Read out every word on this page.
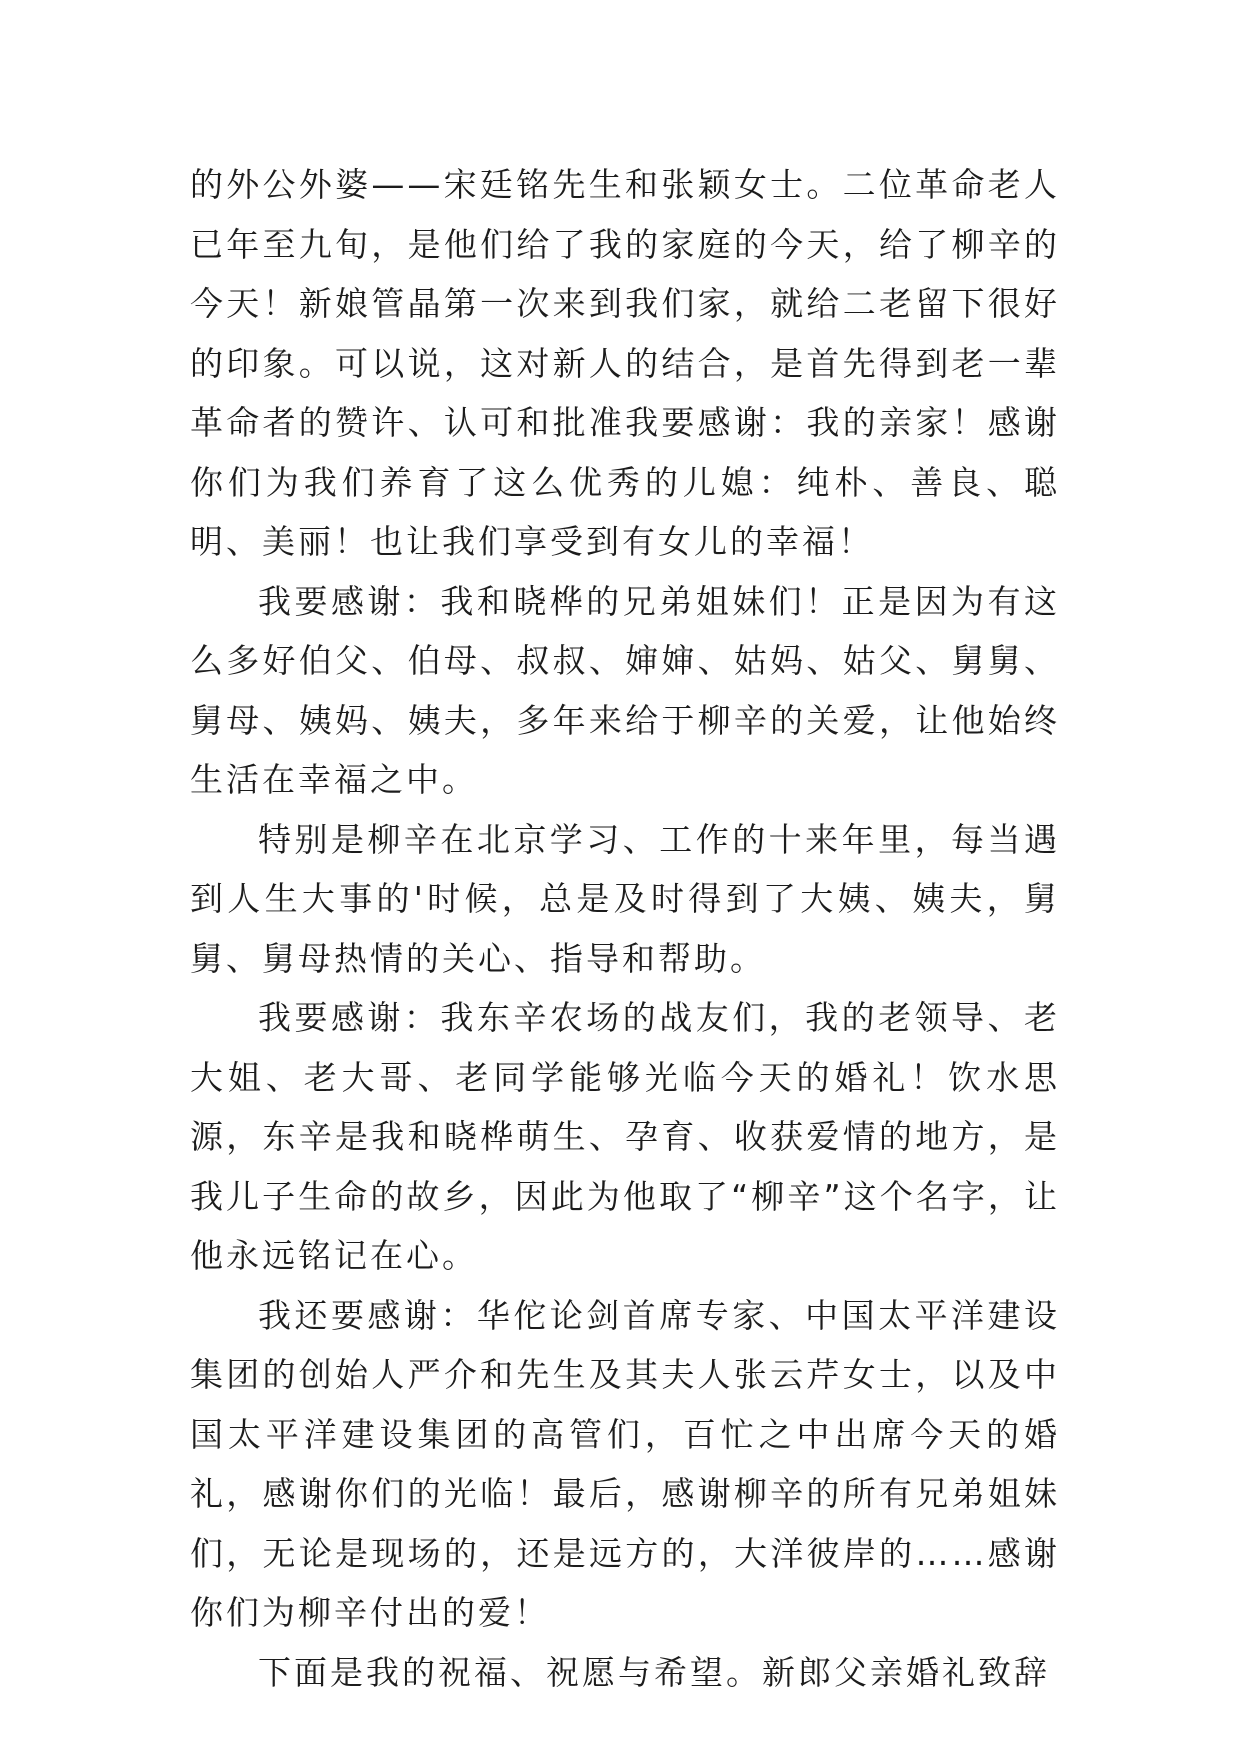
的外公外婆——宋廷铭先生和张颖女士。二位革命老人已年至九旬，是他们给了我的家庭的今天，给了柳辛的今天！新娘管晶第一次来到我们家，就给二老留下很好的印象。可以说，这对新人的结合，是首先得到老一辈革命者的赞许、认可和批准我要感谢：我的亲家！感谢你们为我们养育了这么优秀的儿媳：纯朴、善良、聪明、美丽！也让我们享受到有女儿的幸福！

我要感谢：我和晓桦的兄弟姐妹们！正是因为有这么多好伯父、伯母、叔叔、婶婶、姑妈、姑父、舅舅、舅母、姨妈、姨夫，多年来给于柳辛的关爱，让他始终生活在幸福之中。

特别是柳辛在北京学习、工作的十来年里，每当遇到人生大事的'时候，总是及时得到了大姨、姨夫，舅舅、舅母热情的关心、指导和帮助。

我要感谢：我东辛农场的战友们，我的老领导、老大姐、老大哥、老同学能够光临今天的婚礼！饮水思源，东辛是我和晓桦萌生、孕育、收获爱情的地方，是我儿子生命的故乡，因此为他取了“柳辛”这个名字，让他永远铭记在心。

我还要感谢：华佗论剑首席专家、中国太平洋建设集团的创始人严介和先生及其夫人张云芹女士，以及中国太平洋建设集团的高管们，百忙之中出席今天的婚礼，感谢你们的光临！最后，感谢柳辛的所有兄弟姐妹们，无论是现场的，还是远方的，大洋彼岸的……感谢你们为柳辛付出的爱！

下面是我的祝福、祝愿与希望。新郎父亲婚礼致辞
